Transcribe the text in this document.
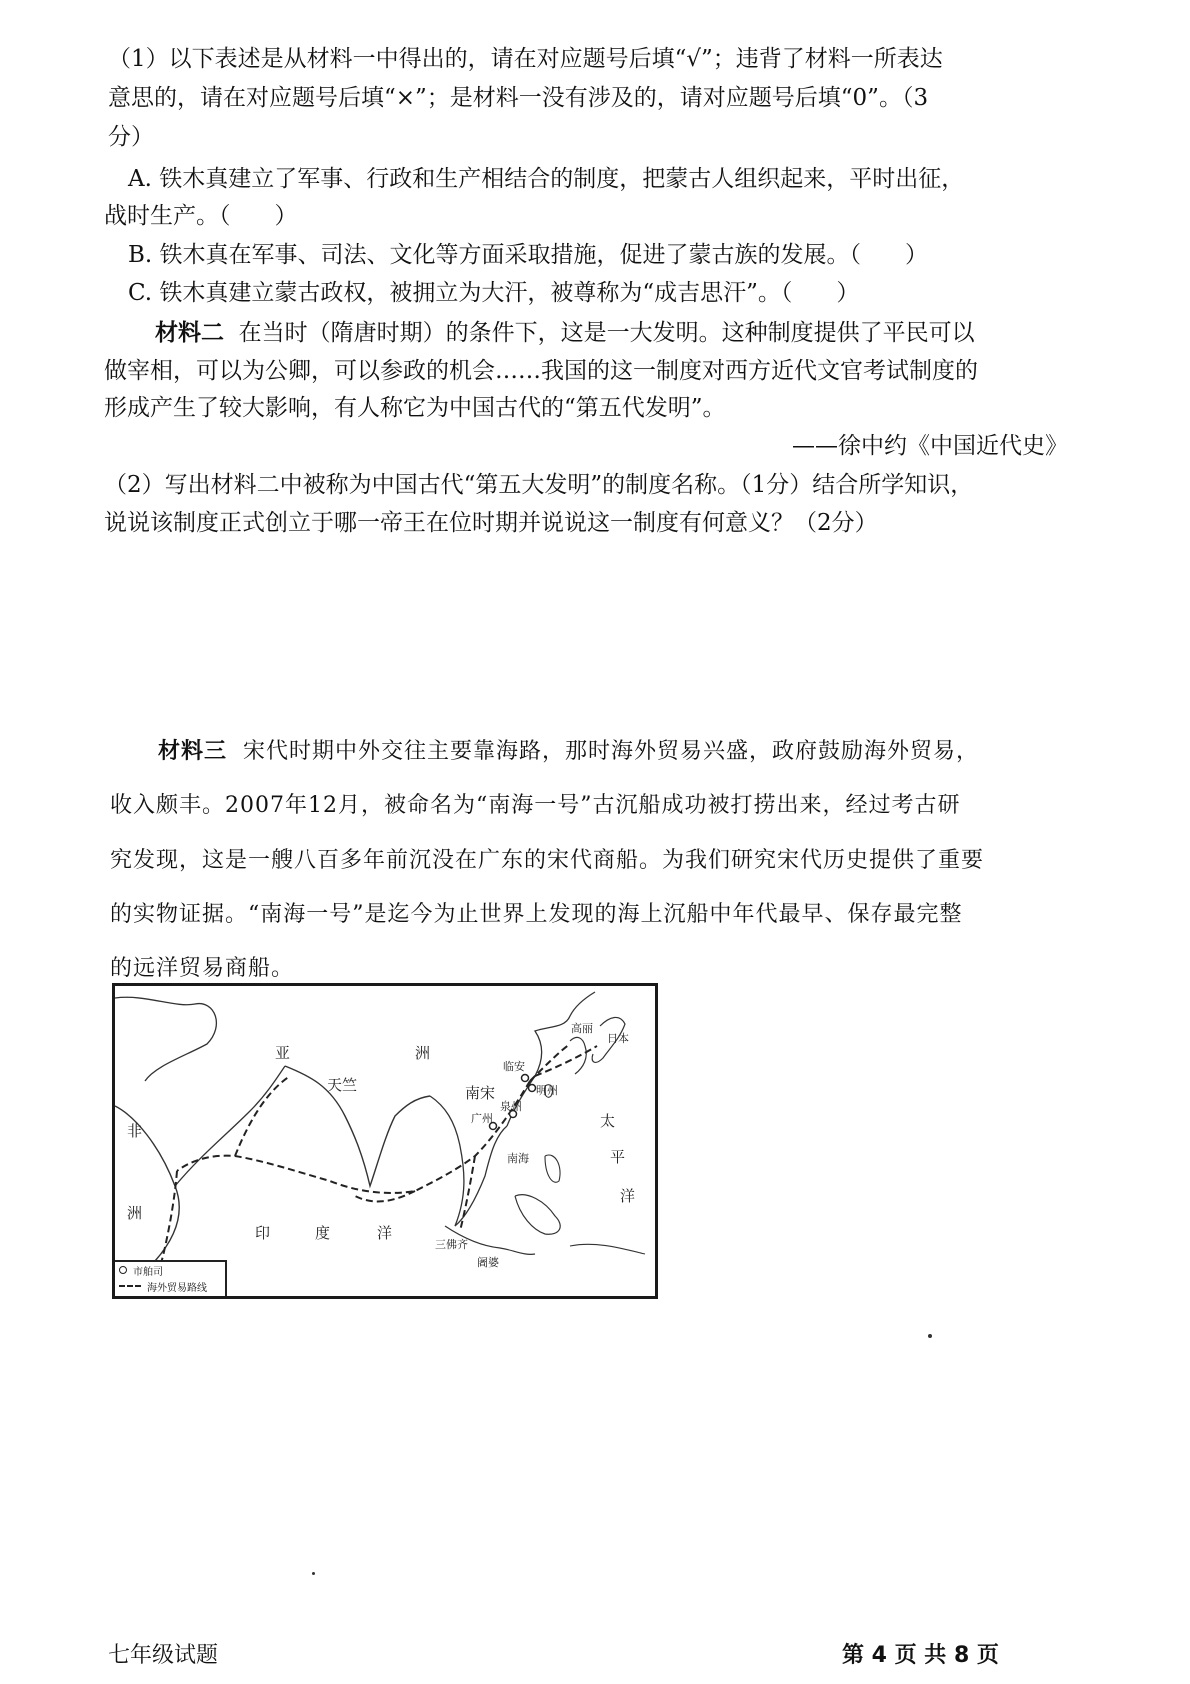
（1）以下表述是从材料一中得出的，请在对应题号后填“√”；违背了材料一所表达
意思的，请在对应题号后填“×”；是材料一没有涉及的，请对应题号后填“0”。（3
分）
A. 铁木真建立了军事、行政和生产相结合的制度，把蒙古人组织起来，平时出征，
战时生产。（ ）
B. 铁木真在军事、司法、文化等方面采取措施，促进了蒙古族的发展。（ ）
C. 铁木真建立蒙古政权，被拥立为大汗，被尊称为“成吉思汗”。（ ）
材料二 在当时（隋唐时期）的条件下，这是一大发明。这种制度提供了平民可以
做宰相，可以为公卿，可以参政的机会……我国的这一制度对西方近代文官考试制度的
形成产生了较大影响，有人称它为中国古代的“第五代发明”。
——徐中约《中国近代史》
（2）写出材料二中被称为中国古代“第五大发明”的制度名称。（1分）结合所学知识，
说说该制度正式创立于哪一帝王在位时期并说说这一制度有何意义？（2分）
材料三 宋代时期中外交往主要靠海路，那时海外贸易兴盛，政府鼓励海外贸易，
收入颇丰。2007年12月，被命名为“南海一号”古沉船成功被打捞出来，经过考古研
究发现，这是一艘八百多年前沉没在广东的宋代商船。为我们研究宋代历史提供了重要
的实物证据。“南海一号”是迄今为止世界上发现的海上沉船中年代最早、保存最完整
的远洋贸易商船。
亚	洲
天竺
非
洲
印	度	洋
太
平
洋
南宋
临安
明州
泉州
广州
高丽
日本
南海
三佛齐
阇婆
市舶司
海外贸易路线
七年级试题	第 4 页 共 8 页
